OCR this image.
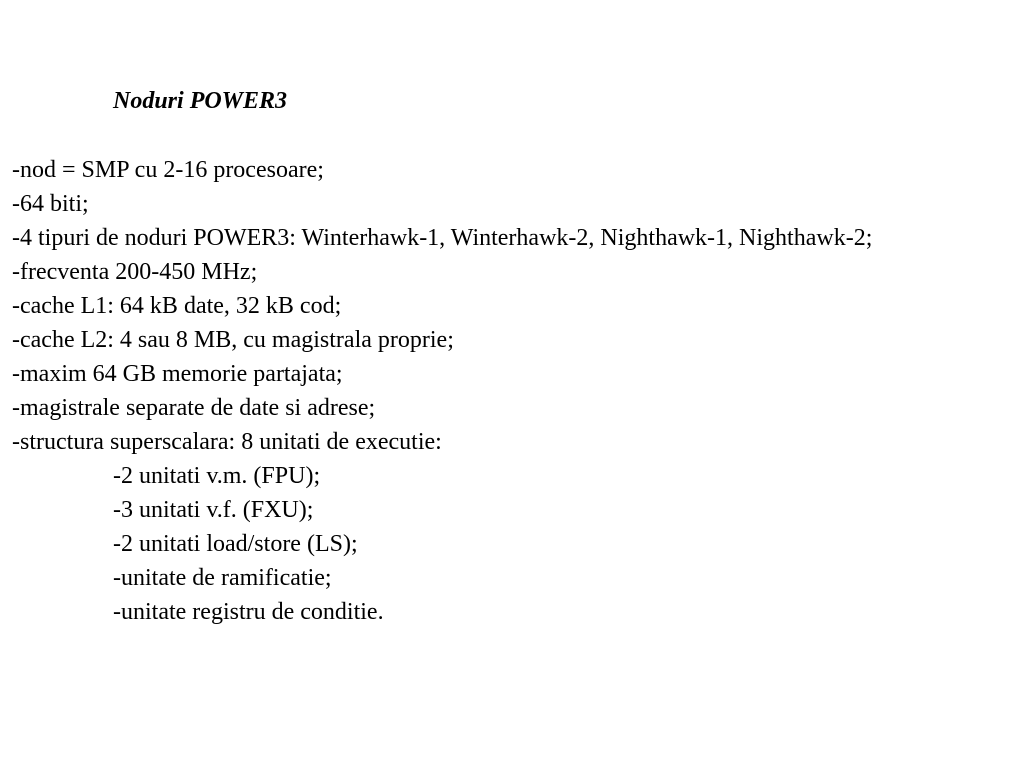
Noduri POWER3
-nod = SMP cu 2-16 procesoare;
-64 biti;
-4 tipuri de noduri POWER3: Winterhawk-1, Winterhawk-2, Nighthawk-1, Nighthawk-2;
-frecventa 200-450 MHz;
-cache L1: 64 kB date, 32 kB cod;
-cache L2: 4 sau 8 MB, cu magistrala proprie;
-maxim 64 GB memorie partajata;
-magistrale separate de date si adrese;
-structura superscalara: 8 unitati de executie:
-2 unitati v.m. (FPU);
-3 unitati v.f. (FXU);
-2 unitati load/store (LS);
-unitate de ramificatie;
-unitate registru de conditie.
